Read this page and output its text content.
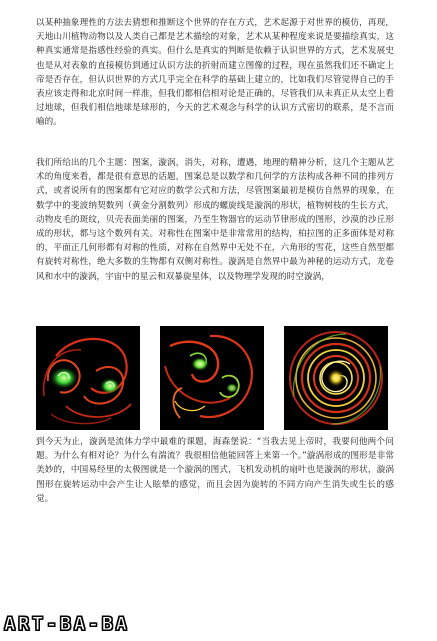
以某种抽象理性的方法去猜想和推断这个世界的存在方式，艺术起源于对世界的模仿，再现，天地山川植物动物以及人类自己都是艺术描绘的对象，艺术从某种程度来说是要描绘真实，这种真实通常是指感性经验的真实。但什么是真实的判断是依赖于认识世界的方式，艺术发展史也是从对表象的直接模仿到通过认识方法的折射而建立图像的过程，现在虽然我们还不确定上帝是否存在，但认识世界的方式几乎完全在科学的基础上建立的，比如我们尽管觉得自己的手表应该走得和北京时间一样准，但我们都相信相对论是正确的，尽管我们从未真正从太空上看过地球，但我们相信地球是球形的，今天的艺术观念与科学的认识方式密切的联系，是不言而喻的。

我们所给出的几个主题：图案，漩涡，消失，对称，遭遇，地理的精神分析，这几个主题从艺术的角度来看，都是很有意思的话题，图案总是以数学和几何学的方法构成各种不同的排列方式，或者说所有的图案都有它对应的数学公式和方法，尽管图案最初是模仿自然界的现象，在数学中的斐波纳契数列（黄金分割数列）形成的螺旋线是漩涡的形状，植物树枝的生长方式，动物皮毛的斑纹，贝壳表面美丽的图案，乃至生物器官的运动节律形成的图形，沙漠的沙丘形成的形状，都与这个数列有关。对称性在图案中是非常常用的结构，柏拉图的正多面体是对称的，平面正几何形都有对称的性质，对称在自然界中无处不在，六角形的雪花，这些自然型都有旋转对称性，绝大多数的生物都有双侧对称性。漩涡是自然界中最为神秘的运动方式，龙卷风和水中的漩涡，宇宙中的星云和双暴旋星体，以及物理学发现的时空漩涡，

到今天为止，漩涡是流体力学中最难的课题，海森堡说：“当我去见上帝时，我要问他两个问题。为什么有相对论？为什么有湍流？我很相信他能回答上来第一个。”漩涡形成的图形是非常美妙的，中国易经里的太极图就是一个漩涡的图式，飞机发动机的扇叶也是漩涡的形状，漩涡图形在旋转运动中会产生让人眩晕的感觉，而且会因为旋转的不同方向产生消失或生长的感觉。

ART-BA-BA
